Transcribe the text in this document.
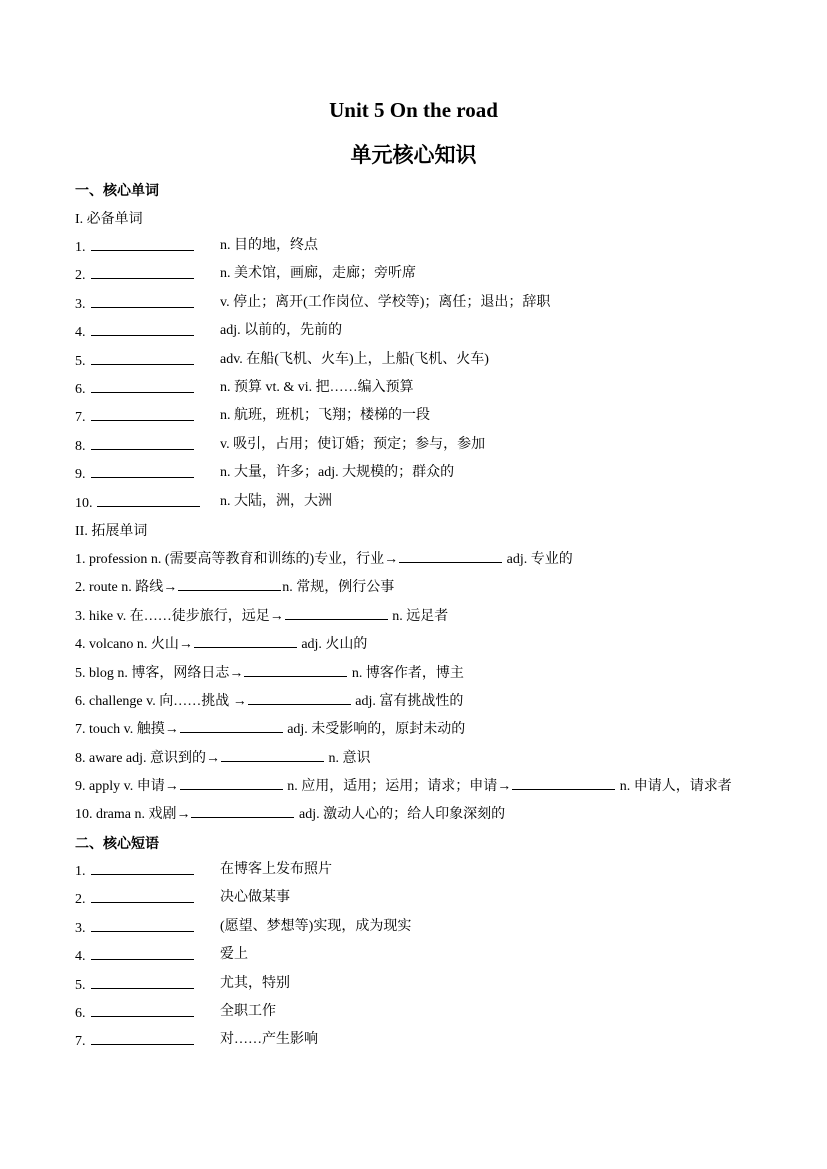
Unit 5 On the road
单元核心知识
一、核心单词
I. 必备单词
1.	n. 目的地，终点
2.	n. 美术馆，画廊，走廊；旁听席
3.	v. 停止；离开(工作岗位、学校等)；离任；退出；辞职
4.	adj. 以前的，先前的
5.	adv. 在船(飞机、火车)上，上船(飞机、火车)
6.	n. 预算 vt. & vi. 把……编入预算
7.	n. 航班，班机；飞翔；楼梯的一段
8.	v. 吸引，占用；使订婚；预定；参与，参加
9.	n. 大量，许多；adj. 大规模的；群众的
10.	n. 大陆，洲，大洲
II. 拓展单词
1. profession n. (需要高等教育和训练的)专业，行业→	adj. 专业的
2. route n. 路线→	n. 常规，例行公事
3. hike v. 在……徒步旅行，远足→	n. 远足者
4. volcano n. 火山→	adj. 火山的
5. blog n. 博客，网络日志→	n. 博客作者，博主
6. challenge v. 向……挑战 →	adj. 富有挑战性的
7. touch v. 触摸→	adj. 未受影响的，原封未动的
8. aware adj. 意识到的→	n. 意识
9. apply v. 申请→	n. 应用，适用；运用；请求；申请→	n. 申请人，请求者
10. drama n. 戏剧→	adj. 激动人心的；给人印象深刻的
二、核心短语
1.	在博客上发布照片
2.	决心做某事
3.	(愿望、梦想等)实现，成为现实
4.	爱上
5.	尤其，特别
6.	全职工作
7.	对……产生影响
